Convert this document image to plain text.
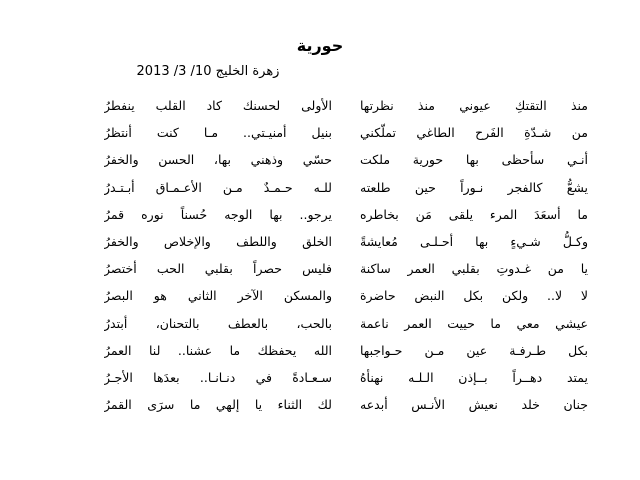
حورية
زهرة الخليج 10/ 3/ 2013
منذ التقتكِ عيوني منذ نظرتها
الأولى لحسنك كاد القلب ينفطرُ
من شـدّةِ الفَرح الطاغي تملّكني
بنيل أمنيـتي.. مـا كنت أنتظرُ
أنـي سأحظى بها حورية ملكت
حسّي وذهني بها، الحسن والخفرُ
يشعُّ كالفجر نـوراً حين طلعته
للـه حـمـدٌ مـن الأعـمـاق أبـتـدرُ
ما أسعَدَ المرء يلقى مَن بخاطره
يرجو.. بها الوجه حُسناً نوره قمرُ
وكـلُّ شـيءٍ بها أحـلـى مُعايشةً
الخلق واللطف والإخلاص والخفرُ
يا من غـدوتِ بقلبي العمر ساكنة
فليس حصراً بقلبي الحب أختصرُ
لا لا.. ولكن بكل النبض حاضرة
والمسكن الآخر الثاني هو البصرُ
عيشي معي ما حييت العمر ناعمة
بالحب، بالعطف بالتحنان، أبتدرُ
بكل طـرفـة عين مـن حـواجبها
الله يحفظك ما عشنا.. لنا العمرُ
يمتد دهــراً بــإذن الـلـه نهنأهُ
سـعـادةً في دنـانـا.. بعدَها الأجـرُ
جنان خلد نعيش الأنـس أبدعه
لك الثناء يا إلهي ما سرَى القمرُ
